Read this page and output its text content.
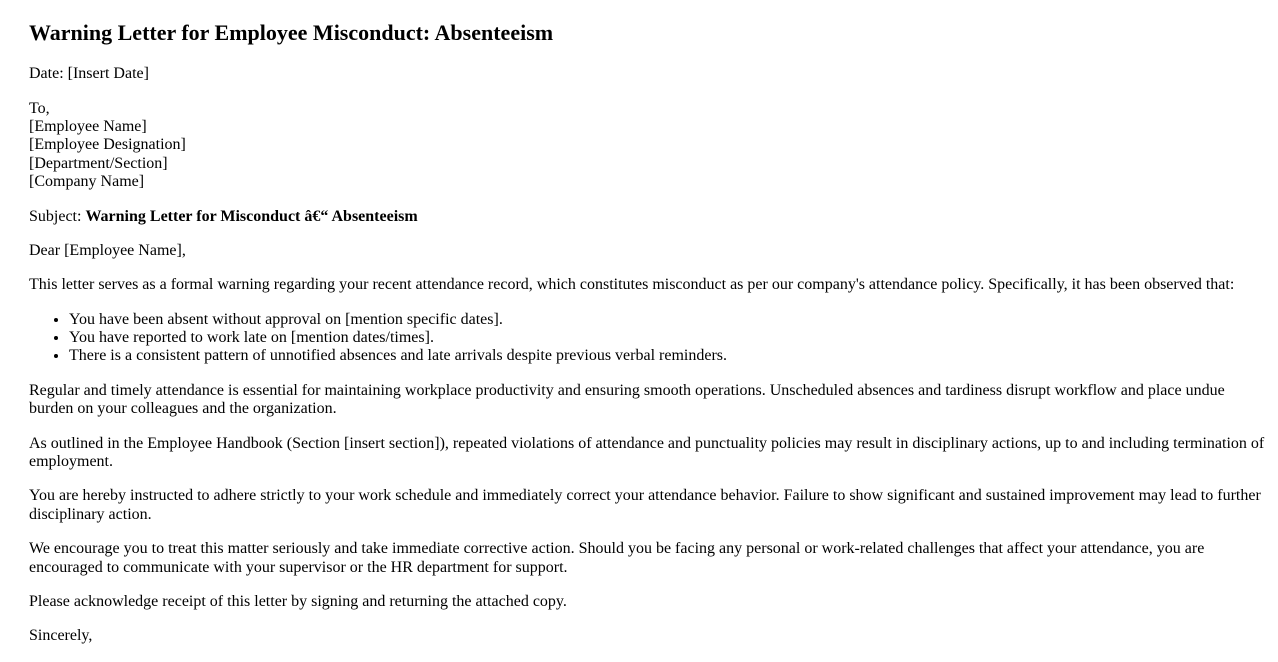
Warning Letter for Employee Misconduct: Absenteeism

Date: [Insert Date]

To,
[Employee Name]
[Employee Designation]
[Department/Section]
[Company Name]

Subject: Warning Letter for Misconduct â€“ Absenteeism

Dear [Employee Name],

This letter serves as a formal warning regarding your recent attendance record, which constitutes misconduct as per our company's attendance policy. Specifically, it has been observed that:

• You have been absent without approval on [mention specific dates].
• You have reported to work late on [mention dates/times].
• There is a consistent pattern of unnotified absences and late arrivals despite previous verbal reminders.

Regular and timely attendance is essential for maintaining workplace productivity and ensuring smooth operations. Unscheduled absences and tardiness disrupt workflow and place undue burden on your colleagues and the organization.

As outlined in the Employee Handbook (Section [insert section]), repeated violations of attendance and punctuality policies may result in disciplinary actions, up to and including termination of employment.

You are hereby instructed to adhere strictly to your work schedule and immediately correct your attendance behavior. Failure to show significant and sustained improvement may lead to further disciplinary action.

We encourage you to treat this matter seriously and take immediate corrective action. Should you be facing any personal or work-related challenges that affect your attendance, you are encouraged to communicate with your supervisor or the HR department for support.

Please acknowledge receipt of this letter by signing and returning the attached copy.

Sincerely,
